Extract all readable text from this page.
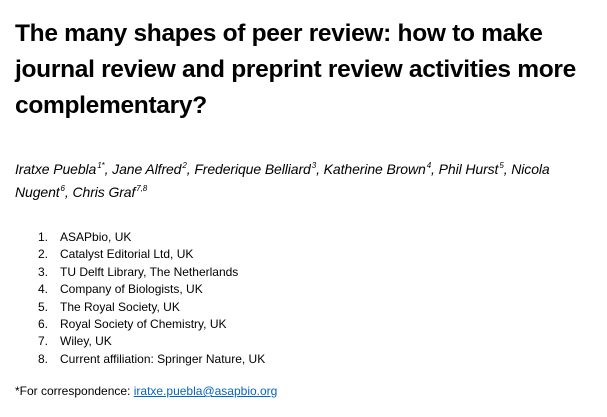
The many shapes of peer review: how to make journal review and preprint review activities more complementary?

Iratxe Puebla$^{1*}$, Jane Alfred$^2$, Frederique Belliard$^3$, Katherine Brown$^4$, Phil Hurst$^5$, Nicola Nugent$^6$, Chris Graf$^{7,8}$

1. ASAPbio, UK
2. Catalyst Editorial Ltd, UK
3. TU Delft Library, The Netherlands
4. Company of Biologists, UK
5. The Royal Society, UK
6. Royal Society of Chemistry, UK
7. Wiley, UK
8. Current affiliation: Springer Nature, UK

*For correspondence: iratxe.puebla@asapbio.org
